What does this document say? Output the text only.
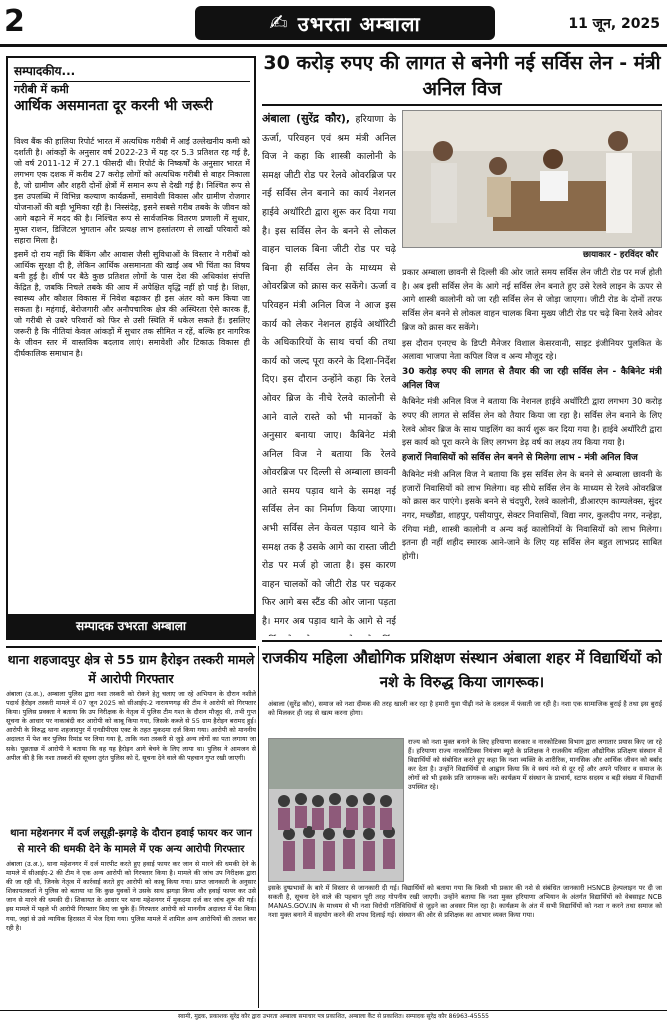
2	✍ उभरता अम्बाला	11 जून, 2025
सम्पादकीय...
गरीबी में कमी
आर्थिक असमानता दूर करनी भी जरूरी

विश्व बैंक की हालिया रिपोर्ट भारत में अत्यधिक गरीबी में आई उल्लेखनीय कमी को दर्शाती है। आंकड़ों के अनुसार वर्ष 2022-23 में यह दर 5.3 प्रतिशत रह गई है, जो वर्ष 2011-12 में 27.1 फीसदी थी। रिपोर्ट के निष्कर्षों के अनुसार भारत में लगभग एक दशक में करीब 27 करोड़ लोगों को अत्यधिक गरीबी से बाहर निकाला है, जो ग्रामीण और शहरी दोनों क्षेत्रों में समान रूप से देखी गई है। निश्चित रूप से इस उपलब्धि में विभिन्न कल्याण कार्यक्रमों, समावेशी विकास और ग्रामीण रोजगार योजनाओं की बड़ी भूमिका रही है। निस्संदेह, इसने सबसे गरीब तबके के जीवन को आगे बढ़ाने में मदद की है। निश्चित रूप से सार्वजनिक वितरण प्रणाली में सुधार, मुफ्त राशन, डिजिटल भुगतान और प्रत्यक्ष लाभ हस्तांतरण से लाखों परिवारों को सहारा मिला है।

इसमें दो राय नहीं कि बैंकिंग और आवास जैसी सुविधाओं के विस्तार ने गरीबों को आर्थिक सुरक्षा दी है, लेकिन आर्थिक असमानता की खाई अब भी चिंता का विषय बनी हुई है। शीर्ष पर बैठे कुछ प्रतिशत लोगों के पास देश की अधिकांश संपत्ति केंद्रित है, जबकि निचले तबके की आय में अपेक्षित वृद्धि नहीं हो पाई है। शिक्षा, स्वास्थ्य और कौशल विकास में निवेश बढ़ाकर ही इस अंतर को कम किया जा सकता है। महंगाई, बेरोजगारी और अनौपचारिक क्षेत्र की अस्थिरता ऐसे कारक हैं, जो गरीबी से उबरे परिवारों को फिर से उसी स्थिति में धकेल सकते हैं। इसलिए जरूरी है कि नीतियां केवल आंकड़ों में सुधार तक सीमित न रहें, बल्कि हर नागरिक के जीवन स्तर में वास्तविक बदलाव लाएं। समावेशी और टिकाऊ विकास ही दीर्घकालिक समाधान है।

सम्पादक उभरता अम्बाला
30 करोड़ रुपए की लागत से बनेगी नई सर्विस लेन - मंत्री अनिल विज
अंबाला (सुरेंद्र कौर), हरियाणा के ऊर्जा, परिवहन एवं श्रम मंत्री अनिल विज ने कहा कि शास्त्री कालोनी के समक्ष जीटी रोड पर रेलवे ओवरब्रिज पर नई सर्विस लेन बनाने का कार्य नेशनल हाईवे अथॉरिटी द्वारा शुरू कर दिया गया है। इस सर्विस लेन के बनने से लोकल वाहन चालक बिना जीटी रोड पर चढ़े बिना ही सर्विस लेन के माध्यम से ओवरब्रिज को क्रास कर सकेंगे। ऊर्जा व परिवहन मंत्री अनिल विज ने आज इस कार्य को लेकर नेशनल हाईवे अथॉरिटी के अधिकारियों के साथ चर्चा की तथा कार्य को जल्द पूरा करने के दिशा-निर्देश दिए। इस दौरान उन्होंने कहा कि रेलवे ओवर ब्रिज के नीचे रेलवे कालोनी से आने वाले रास्ते को भी मानकों के अनुसार बनाया जाए। कैबिनेट मंत्री अनिल विज ने बताया कि रेलवे ओवरब्रिज पर दिल्ली से अम्बाला छावनी आते समय पड़ाव थाने के समक्ष नई सर्विस लेन का निर्माण किया जाएगा। अभी सर्विस लेन केवल पड़ाव थाने के समक्ष तक है उसके आगे का रास्ता जीटी रोड पर मर्ज हो जाता है। इस कारण वाहन चालकों को जीटी रोड पर चढ़कर फिर आगे बस स्टैंड की ओर जाना पड़ता है। मगर अब पड़ाव थाने के आगे से नई
छायाकार - हरविंदर कौर

प्रकार अम्बाला छावनी से दिल्ली की ओर जाते समय सर्विस लेन जीटी रोड पर मर्ज होती है। अब इसी सर्विस लेन के आगे नई सर्विस लेन बनाते हुए उसे रेलवे लाइन के ऊपर से आगे शास्त्री कालोनी को जा रही सर्विस लेन से जोड़ा जाएगा। जीटी रोड के दोनों तरफ सर्विस लेन बनने से लोकल वाहन चालक बिना मुख्य जीटी रोड पर चढ़े बिना रेलवे ओवर ब्रिज को क्रास कर सकेंगे।

इस दौरान एनएच के डिप्टी मैनेजर विशाल केसरवानी, साइट इंजीनियर पुलकित के अलावा भाजपा नेता कपिल विज व अन्य मौजूद रहे।

30 करोड़ रुपए की लागत से तैयार की जा रही सर्विस लेन - कैबिनेट मंत्री अनिल विज

कैबिनेट मंत्री अनिल विज ने बताया कि नेशनल हाईवे अथॉरिटी द्वारा लगभग 30 करोड़ रुपए की लागत से सर्विस लेन को तैयार किया जा रहा है। सर्विस लेन बनाने के लिए रेलवे ओवर ब्रिज के साथ पाइलिंग का कार्य शुरू कर दिया गया है। हाईवे अथॉरिटी द्वारा इस कार्य को पूरा करने के लिए लगभग डेढ़ वर्ष का लक्ष्य तय किया गया है।

हजारों निवासियों को सर्विस लेन बनने से मिलेगा लाभ - मंत्री अनिल विज

कैबिनेट मंत्री अनिल विज ने बताया कि इस सर्विस लेन के बनने से अम्बाला छावनी के हजारों निवासियों को लाभ मिलेगा। वह सीधे सर्विस लेन के माध्यम से रेलवे ओवरब्रिज को क्रास कर पाएंगे। इसके बनने से चंदपुरी, रेलवे कालोनी, डीआरएम काम्पलेक्स, सुंदर नगर, मच्छौंडा, शाहपुर, पसीयापुर, सेक्टर निवासियों, विद्या नगर, कुलदीप नगर, नन्हेड़ा, रंगिया मंडी, शास्त्री कालोनी व अन्य कई कालोनियों के निवासियों को लाभ मिलेगा। इतना ही नहीं शहीद स्मारक आने-जाने के लिए यह सर्विस लेन बहुत लाभप्रद साबित होगी।

थाना शहजादपुर क्षेत्र से 55 ग्राम हैरोइन तस्करी मामले में आरोपी गिरफ्तार
अंबाला (उ.अ.), अम्बाला पुलिस द्वारा नशा तस्करी को रोकने हेतु चलाए जा रहे अभियान के दौरान नशीले पदार्थ हैरोइन तस्करी मामले में 07 जून 2025 को सीआईए-2 नारायणगढ़ की टीम ने आरोपी को गिरफ्तार किया। पुलिस प्रवक्ता ने बताया कि उप निरीक्षक के नेतृत्व में पुलिस टीम गश्त के दौरान मौजूद थी, तभी गुप्त सूचना के आधार पर नाकाबंदी कर आरोपी को काबू किया गया, जिसके कब्जे से 55 ग्राम हैरोइन बरामद हुई। आरोपी के विरुद्ध थाना शहजादपुर में एनडीपीएस एक्ट के तहत मुकदमा दर्ज किया गया। आरोपी को माननीय अदालत में पेश कर पुलिस रिमांड पर लिया गया है, ताकि नशा तस्करी से जुड़े अन्य लोगों का पता लगाया जा सके। पूछताछ में आरोपी ने बताया कि वह यह हैरोइन आगे बेचने के लिए लाया था। पुलिस ने आमजन से अपील की है कि नशा तस्करों की सूचना तुरंत पुलिस को दें, सूचना देने वाले की पहचान गुप्त रखी जाएगी।
थाना महेशनगर में दर्ज लसूड़ी-झगड़े के दौरान हवाई फायर कर जान से मारने की धमकी देने के मामले में एक अन्य आरोपी गिरफ्तार
अंबाला (उ.अ.), थाना महेशनगर में दर्ज मारपीट करते हुए हवाई फायर कर जान से मारने की धमकी देने के मामले में सीआईए-2 की टीम ने एक अन्य आरोपी को गिरफ्तार किया है। मामले की जांच उप निरीक्षक द्वारा की जा रही थी, जिनके नेतृत्व में कार्रवाई करते हुए आरोपी को काबू किया गया। प्राप्त जानकारी के अनुसार शिकायतकर्ता ने पुलिस को बताया था कि कुछ युवकों ने उसके साथ झगड़ा किया और हवाई फायर कर उसे जान से मारने की धमकी दी। शिकायत के आधार पर थाना महेशनगर में मुकदमा दर्ज कर जांच शुरू की गई। इस मामले में पहले भी आरोपी गिरफ्तार किए जा चुके हैं। गिरफ्तार आरोपी को माननीय अदालत में पेश किया गया, जहां से उसे न्यायिक हिरासत में भेज दिया गया। पुलिस मामले में शामिल अन्य आरोपियों की तलाश कर रही है।
राजकीय महिला औद्योगिक प्रशिक्षण संस्थान अंबाला शहर में विद्यार्थियों को नशे के विरुद्ध किया जागरूक।
अंबाला (सुरेंद्र कौर), समाज को नशा दीमक की तरह खाली कर रहा है हमारी युवा पीढ़ी नशे के दलदल में फंसती जा रही है। नशा एक सामाजिक बुराई है तथा इस बुराई को मिलकर ही जड़ से खत्म करना होगा।
राज्य को नशा मुक्त बनाने के लिए हरियाणा सरकार व नारकोटिक्स विभाग द्वारा लगातार प्रयास किए जा रहे हैं। हरियाणा राज्य नारकोटिक्स नियंत्रण ब्यूरो के प्रशिक्षक ने राजकीय महिला औद्योगिक प्रशिक्षण संस्थान में विद्यार्थियों को संबोधित करते हुए कहा कि नशा व्यक्ति के शारीरिक, मानसिक और आर्थिक जीवन को बर्बाद कर देता है। उन्होंने विद्यार्थियों से आह्वान किया कि वे स्वयं नशे से दूर रहें और अपने परिवार व समाज के लोगों को भी इसके प्रति जागरूक करें। कार्यक्रम में संस्थान के प्राचार्य, स्टाफ सदस्य व बड़ी संख्या में विद्यार्थी उपस्थित रहे।
इसके दुष्प्रभावों के बारे में विस्तार से जानकारी दी गई। विद्यार्थियों को बताया गया कि किसी भी प्रकार की नशे से संबंधित जानकारी HSNCB हेल्पलाइन पर दी जा सकती है, सूचना देने वाले की पहचान पूरी तरह गोपनीय रखी जाएगी। उन्होंने बताया कि नशा मुक्त हरियाणा अभियान के अंतर्गत विद्यार्थियों को वेबसाइट NCB MANAS.GOV.IN के माध्यम से भी नशा विरोधी गतिविधियों से जुड़ने का अवसर मिल रहा है। कार्यक्रम के अंत में सभी विद्यार्थियों को नशा न करने तथा समाज को नशा मुक्त बनाने में सहयोग करने की शपथ दिलाई गई। संस्थान की ओर से प्रशिक्षक का आभार व्यक्त किया गया।
स्वामी, मुद्रक, प्रकाशक सुरेंद्र कौर द्वारा उभरता अम्बाला समाचार पत्र प्रकाशित, अम्बाला कैंट से प्रकाशित। सम्पादक सुरेंद्र कौर 86963-45555
